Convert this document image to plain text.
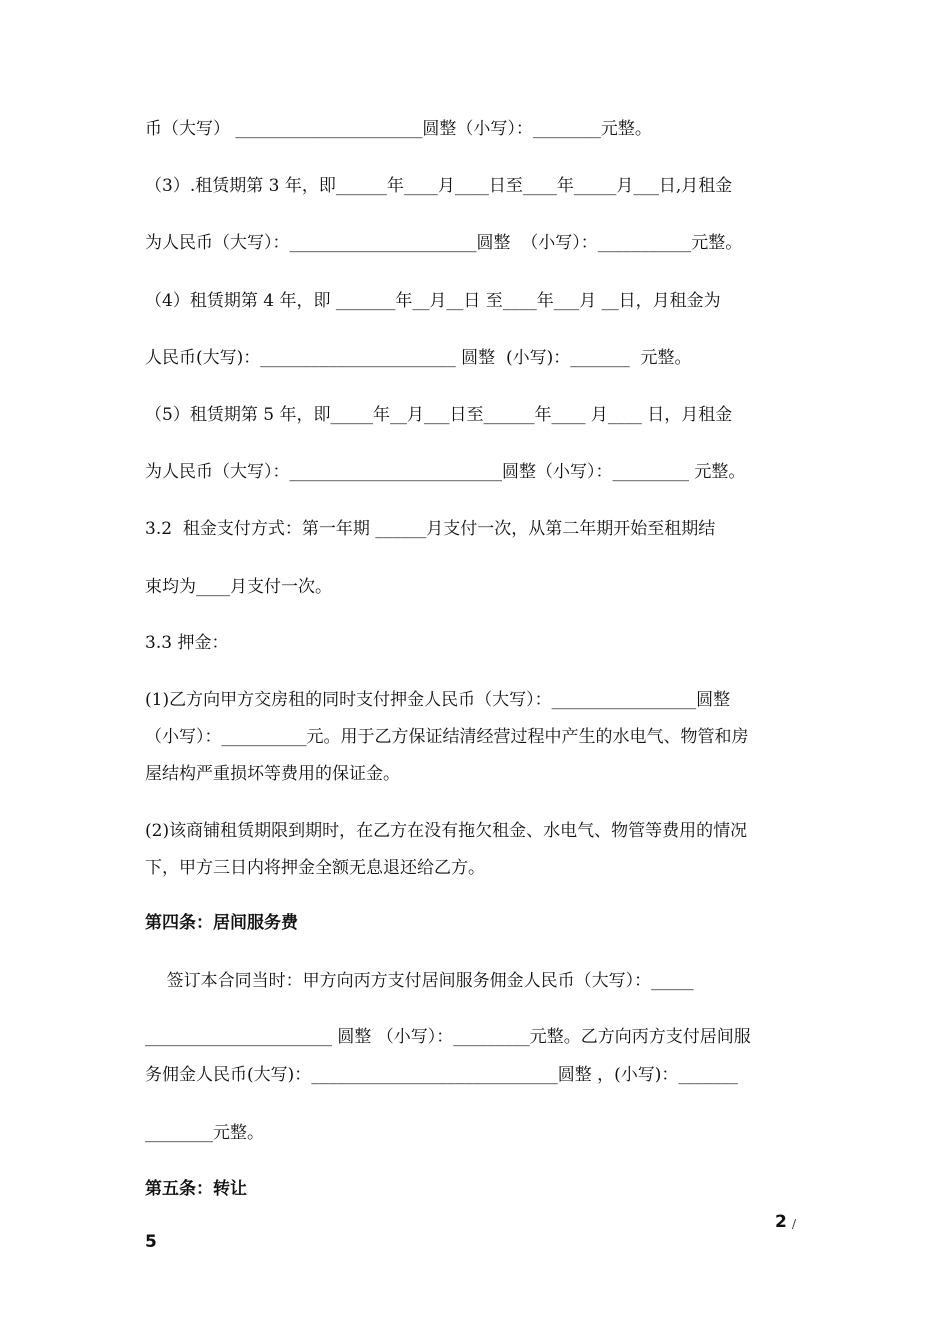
币（大写） ______________________圆整（小写）：________元整。
（3）.租赁期第 3 年，即______年____月____日至____年_____月___日,月租金
为人民币（大写）：______________________圆整  （小写）：___________元整。
（4）租赁期第 4 年，即 _______年__月__日 至____年___月 __日，月租金为
人民币(大写)：_______________________ 圆整  (小写)：_______  元整。
（5）租赁期第 5 年，即_____年__月___日至______年____ 月____ 日，月租金
为人民币（大写）：_________________________圆整（小写）：_________ 元整。
3.2  租金支付方式：第一年期 ______月支付一次，从第二年期开始至租期结
束均为____月支付一次。
3.3 押金：
(1)乙方向甲方交房租的同时支付押金人民币（大写）：_________________圆整
（小写）：__________元。用于乙方保证结清经营过程中产生的水电气、物管和房
屋结构严重损坏等费用的保证金。
(2)该商铺租赁期限到期时，在乙方在没有拖欠租金、水电气、物管等费用的情况
下，甲方三日内将押金全额无息退还给乙方。
第四条：居间服务费
签订本合同当时：甲方向丙方支付居间服务佣金人民币（大写）：_____
______________________ 圆整 （小写）：_________元整。乙方向丙方支付居间服
务佣金人民币(大写)：_____________________________圆整 ，(小写)：_______
________元整。
第五条：转让
2 /
5
